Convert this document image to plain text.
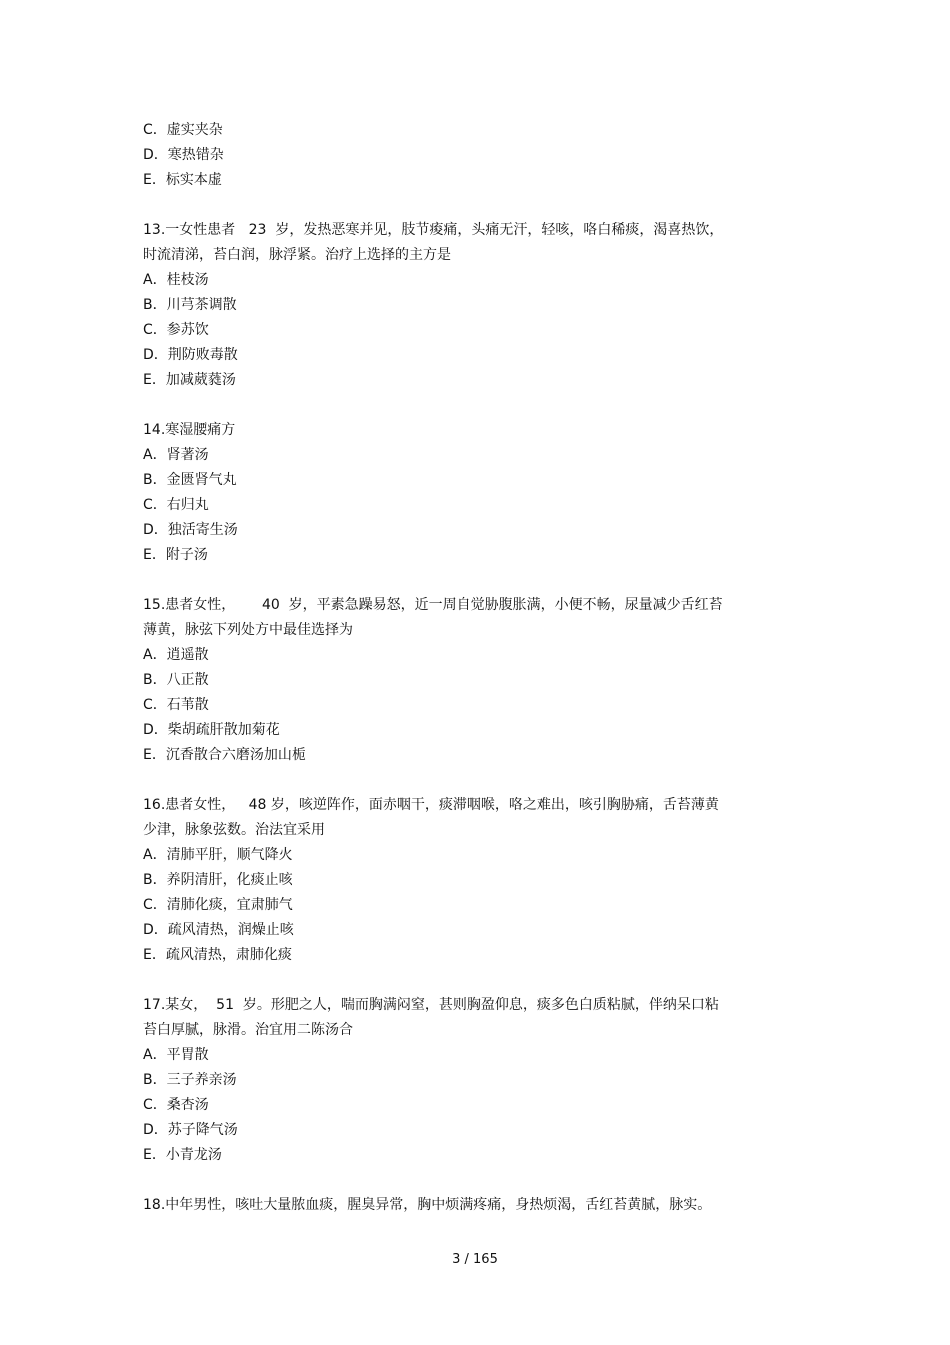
C．虚实夹杂
D．寒热错杂
E．标实本虚
13.一女性患者   23  岁，发热恶寒并见，肢节痠痛，头痛无汗，轻咳，咯白稀痰，渴喜热饮，
时流清涕，苔白润，脉浮紧。治疗上选择的主方是
A．桂枝汤
B．川芎茶调散
C．参苏饮
D．荆防败毒散
E．加减葳蕤汤
14.寒湿腰痛方
A．肾著汤
B．金匮肾气丸
C．右归丸
D．独活寄生汤
E．附子汤
15.患者女性，      40  岁，平素急躁易怒，近一周自觉胁腹胀满，小便不畅，尿量减少舌红苔
薄黄，脉弦下列处方中最佳选择为
A．逍遥散
B．八正散
C．石苇散
D．柴胡疏肝散加菊花
E．沉香散合六磨汤加山栀
16.患者女性，   48 岁，咳逆阵作，面赤咽干，痰滞咽喉，咯之难出，咳引胸胁痛，舌苔薄黄
少津，脉象弦数。治法宜采用
A．清肺平肝，顺气降火
B．养阴清肝，化痰止咳
C．清肺化痰，宜肃肺气
D．疏风清热，润燥止咳
E．疏风清热，肃肺化痰
17.某女，  51  岁。形肥之人，喘而胸满闷窒，甚则胸盈仰息，痰多色白质粘腻，伴纳呆口粘
苔白厚腻，脉滑。治宜用二陈汤合
A．平胃散
B．三子养亲汤
C．桑杏汤
D．苏子降气汤
E．小青龙汤
18.中年男性，咳吐大量脓血痰，腥臭异常，胸中烦满疼痛，身热烦渴，舌红苔黄腻，脉实。
3 / 165
